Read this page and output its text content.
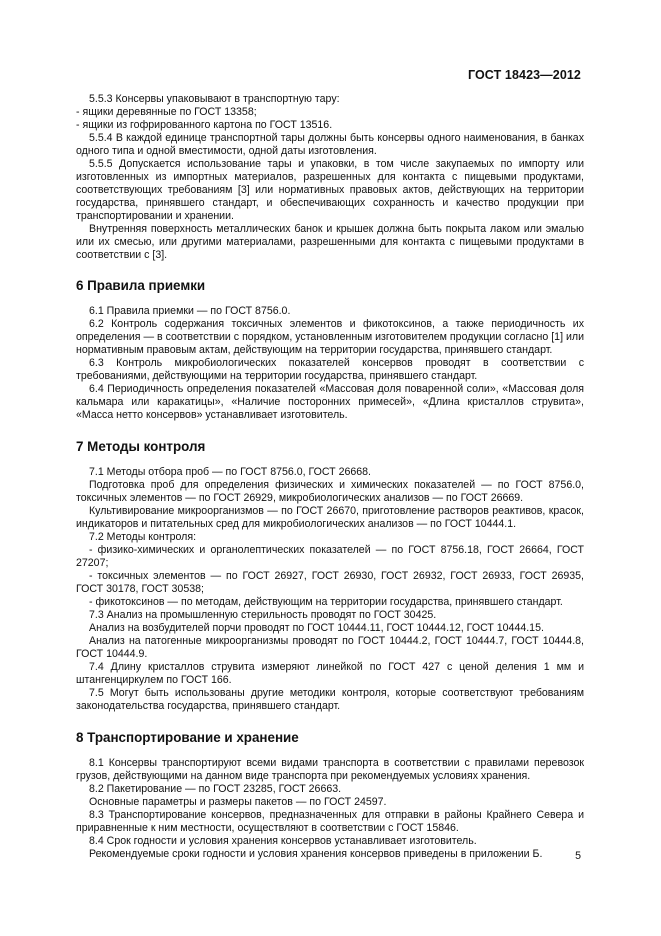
ГОСТ 18423—2012

5.5.3 Консервы упаковывают в транспортную тару:

- ящики деревянные по ГОСТ 13358;

- ящики из гофрированного картона по ГОСТ 13516.

5.5.4 В каждой единице транспортной тары должны быть консервы одного наименования, в банках одного типа и одной вместимости, одной даты изготовления.

5.5.5 Допускается использование тары и упаковки, в том числе закупаемых по импорту или изготовленных из импортных материалов, разрешенных для контакта с пищевыми продуктами, соответствующих требованиям [3] или нормативных правовых актов, действующих на территории государства, принявшего стандарт, и обеспечивающих сохранность и качество продукции при транспортировании и хранении.

Внутренняя поверхность металлических банок и крышек должна быть покрыта лаком или эмалью или их смесью, или другими материалами, разрешенными для контакта с пищевыми продуктами в соответствии с [3].

6 Правила приемки

6.1 Правила приемки — по ГОСТ 8756.0.

6.2 Контроль содержания токсичных элементов и фикотоксинов, а также периодичность их определения — в соответствии с порядком, установленным изготовителем продукции согласно [1] или нормативным правовым актам, действующим на территории государства, принявшего стандарт.

6.3 Контроль микробиологических показателей консервов проводят в соответствии с требованиями, действующими на территории государства, принявшего стандарт.

6.4 Периодичность определения показателей «Массовая доля поваренной соли», «Массовая доля кальмара или каракатицы», «Наличие посторонних примесей», «Длина кристаллов струвита», «Масса нетто консервов» устанавливает изготовитель.

7 Методы контроля

7.1 Методы отбора проб — по ГОСТ 8756.0, ГОСТ 26668.

Подготовка проб для определения физических и химических показателей — по ГОСТ 8756.0, токсичных элементов — по ГОСТ 26929, микробиологических анализов — по ГОСТ 26669.

Культивирование микроорганизмов — по ГОСТ 26670, приготовление растворов реактивов, красок, индикаторов и питательных сред для микробиологических анализов — по ГОСТ 10444.1.

7.2 Методы контроля:

- физико-химических и органолептических показателей — по ГОСТ 8756.18, ГОСТ 26664, ГОСТ 27207;

- токсичных элементов — по ГОСТ 26927, ГОСТ 26930, ГОСТ 26932, ГОСТ 26933, ГОСТ 26935, ГОСТ 30178, ГОСТ 30538;

- фикотоксинов — по методам, действующим на территории государства, принявшего стандарт.

7.3 Анализ на промышленную стерильность проводят по ГОСТ 30425.

Анализ на возбудителей порчи проводят по ГОСТ 10444.11, ГОСТ 10444.12, ГОСТ 10444.15.

Анализ на патогенные микроорганизмы проводят по ГОСТ 10444.2, ГОСТ 10444.7, ГОСТ 10444.8, ГОСТ 10444.9.

7.4 Длину кристаллов струвита измеряют линейкой по ГОСТ 427 с ценой деления 1 мм и штангенциркулем по ГОСТ 166.

7.5 Могут быть использованы другие методики контроля, которые соответствуют требованиям законодательства государства, принявшего стандарт.

8 Транспортирование и хранение

8.1 Консервы транспортируют всеми видами транспорта в соответствии с правилами перевозок грузов, действующими на данном виде транспорта при рекомендуемых условиях хранения.

8.2 Пакетирование — по ГОСТ 23285, ГОСТ 26663.

Основные параметры и размеры пакетов — по ГОСТ 24597.

8.3 Транспортирование консервов, предназначенных для отправки в районы Крайнего Севера и приравненные к ним местности, осуществляют в соответствии с ГОСТ 15846.

8.4 Срок годности и условия хранения консервов устанавливает изготовитель.

Рекомендуемые сроки годности и условия хранения консервов приведены в приложении Б.	5
